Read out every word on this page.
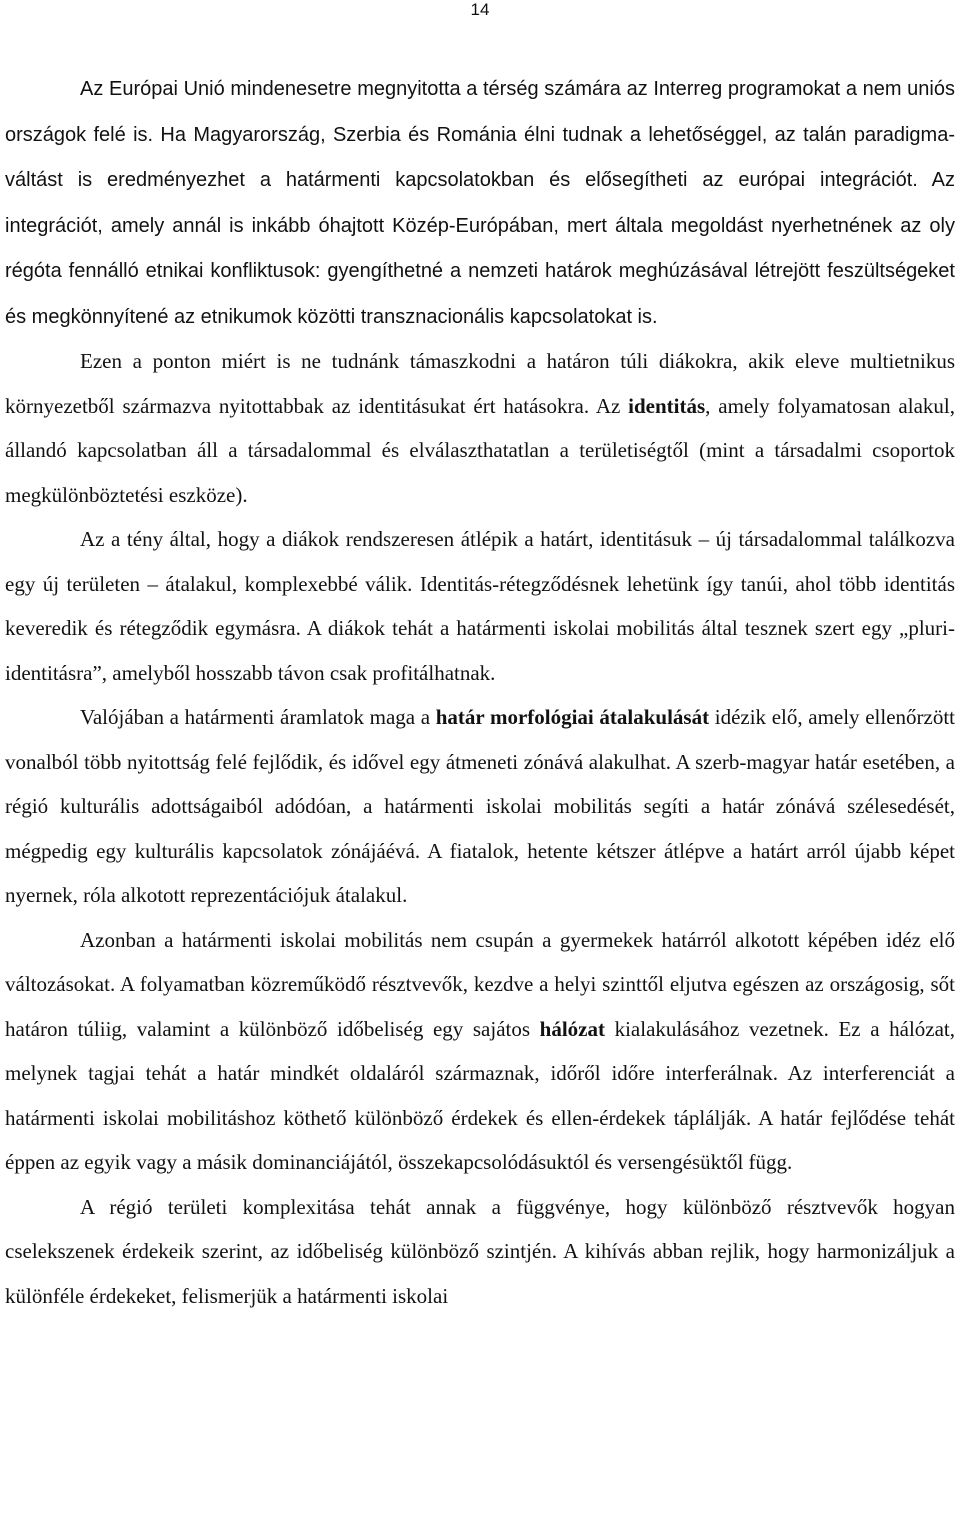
14

Az Európai Unió mindenesetre megnyitotta a térség számára az Interreg programokat a nem uniós országok felé is. Ha Magyarország, Szerbia és Románia élni tudnak a lehetőséggel, az talán paradigma-váltást is eredményezhet a határmenti kapcsolatokban és elősegítheti az európai integrációt. Az integrációt, amely annál is inkább óhajtott Közép-Európában, mert általa megoldást nyerhetnének az oly régóta fennálló etnikai konfliktusok: gyengíthetné a nemzeti határok meghúzásával létrejött feszültségeket és megkönnyítené az etnikumok közötti transznacionális kapcsolatokat is.

Ezen a ponton miért is ne tudnánk támaszkodni a határon túli diákokra, akik eleve multietnikus környezetből származva nyitottabbak az identitásukat ért hatásokra. Az identitás, amely folyamatosan alakul, állandó kapcsolatban áll a társadalommal és elválaszthatatlan a területiségtől (mint a társadalmi csoportok megkülönböztetési eszköze).

Az a tény által, hogy a diákok rendszeresen átlépik a határt, identitásuk – új társadalommal találkozva egy új területen – átalakul, komplexebbé válik. Identitás-rétegződésnek lehetünk így tanúi, ahol több identitás keveredik és rétegződik egymásra. A diákok tehát a határmenti iskolai mobilitás által tesznek szert egy „pluri-identitásra”, amelyből hosszabb távon csak profitálhatnak.

Valójában a határmenti áramlatok maga a határ morfológiai átalakulását idézik elő, amely ellenőrzött vonalból több nyitottság felé fejlődik, és idővel egy átmeneti zónává alakulhat. A szerb-magyar határ esetében, a régió kulturális adottságaiból adódóan, a határmenti iskolai mobilitás segíti a határ zónává szélesedését, mégpedig egy kulturális kapcsolatok zónájáévá. A fiatalok, hetente kétszer átlépve a határt arról újabb képet nyernek, róla alkotott reprezentációjuk átalakul.

Azonban a határmenti iskolai mobilitás nem csupán a gyermekek határról alkotott képében idéz elő változásokat. A folyamatban közreműködő résztvevők, kezdve a helyi szinttől eljutva egészen az országosig, sőt határon túliig, valamint a különböző időbeliség egy sajátos hálózat kialakulásához vezetnek. Ez a hálózat, melynek tagjai tehát a határ mindkét oldaláról származnak, időről időre interferálnak. Az interferenciát a határmenti iskolai mobilitáshoz köthető különböző érdekek és ellen-érdekek táplálják. A határ fejlődése tehát éppen az egyik vagy a másik dominanciájától, összekapcsolódásuktól és versengésüktől függ.

A régió területi komplexitása tehát annak a függvénye, hogy különböző résztvevők hogyan cselekszenek érdekeik szerint, az időbeliség különböző szintjén. A kihívás abban rejlik, hogy harmonizáljuk a különféle érdekeket, felismerjük a határmenti iskolai
